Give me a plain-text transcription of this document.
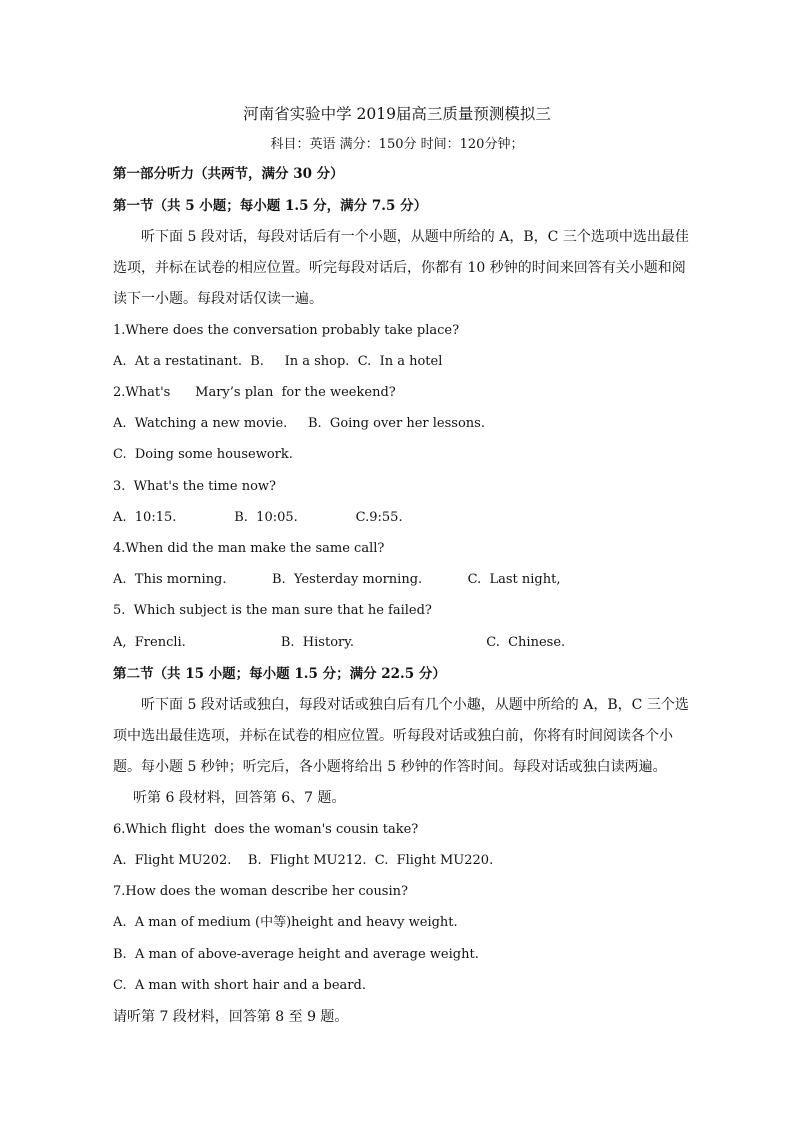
河南省实验中学 2019届高三质量预测模拟三
科目：英语 满分：150分 时间：120分钟；
第一部分听力（共两节，满分 30 分）
第一节（共 5 小题；每小题 1.5 分，满分 7.5 分）
听下面 5 段对话，每段对话后有一个小题，从题中所给的 A，B，C 三个选项中选出最佳
选项，并标在试卷的相应位置。听完每段对话后，你都有 10 秒钟的时间来回答有关小题和阅
读下一小题。每段对话仅读一遍。
1.Where does the conversation probably take place?
A.  At a restatinant.  B.     In a shop.  C.  In a hotel
2.What's      Mary’s plan  for the weekend?
A.  Watching a new movie.     B.  Going over her lessons.
C.  Doing some housework.
3.  What's the time now?
A.  10:15.              B.  10:05.              C.9:55.
4.When did the man make the same call?
A.  This morning.           B.  Yesterday morning.           C.  Last night,
5.  Which subject is the man sure that he failed?
A,  Frencli.                       B.  History.                                C.  Chinese.
第二节（共 15 小题；每小题 1.5 分；满分 22.5 分）
听下面 5 段对话或独白，每段对话或独白后有几个小趣，从题中所给的 A，B，C 三个选
项中选出最佳选项，并标在试卷的相应位置。听每段对话或独白前，你将有时间阅读各个小
题。每小题 5 秒钟；听完后，各小题将给出 5 秒钟的作答时间。每段对话或独白读两遍。
听第 6 段材料，回答第 6、7 题。
6.Which flight  does the woman's cousin take?
A.  Flight MU202.    B.  Flight MU212.  C.  Flight MU220.
7.How does the woman describe her cousin?
A.  A man of medium (中等)height and heavy weight.
B.  A man of above-average height and average weight.
C.  A man with short hair and a beard.
请听第 7 段材料，回答第 8 至 9 题。
